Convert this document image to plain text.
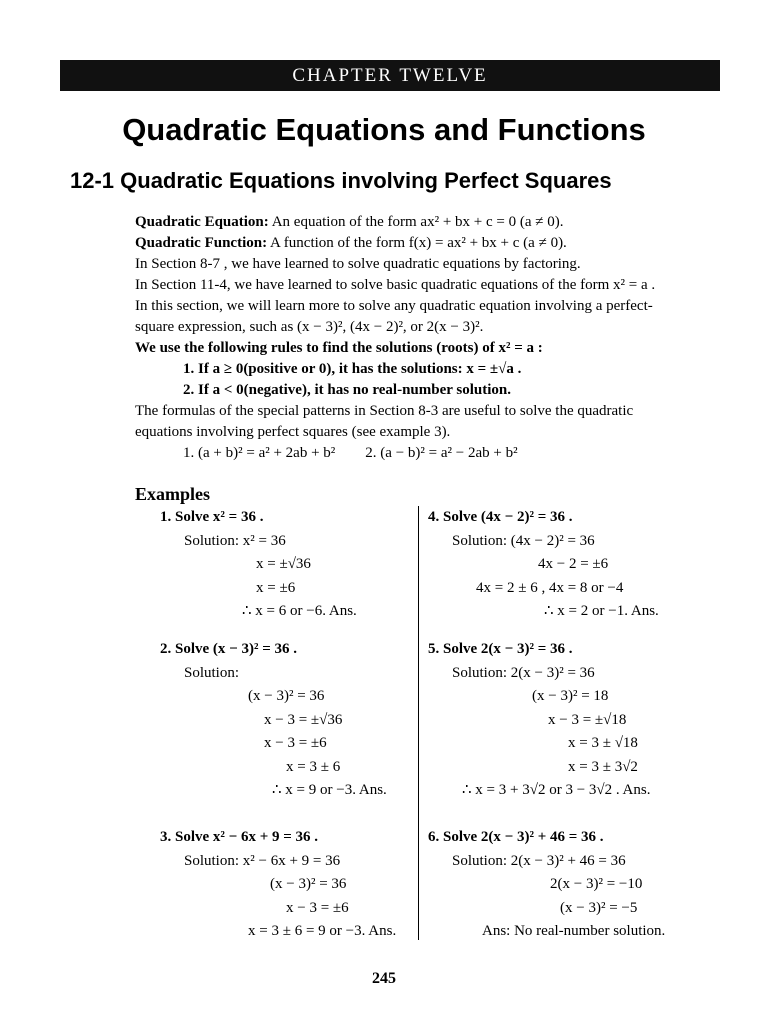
CHAPTER TWELVE
Quadratic Equations and Functions
12-1 Quadratic Equations involving Perfect Squares
Quadratic Equation: An equation of the form ax² + bx + c = 0 (a ≠ 0).
Quadratic Function: A function of the form f(x) = ax² + bx + c (a ≠ 0).
In Section 8-7 , we have learned to solve quadratic equations by factoring.
In Section 11-4, we have learned to solve basic quadratic equations of the form x² = a .
In this section, we will learn more to solve any quadratic equation involving a perfect-
square expression, such as (x − 3)², (4x − 2)², or 2(x − 3)².
We use the following rules to find the solutions (roots) of x² = a :
1. If a ≥ 0(positive or 0), it has the solutions: x = ±√a .
2. If a < 0(negative), it has no real-number solution.
The formulas of the special patterns in Section 8-3 are useful to solve the quadratic
equations involving perfect squares (see example 3).
1. (a + b)² = a² + 2ab + b² 2. (a − b)² = a² − 2ab + b²
Examples
1. Solve x² = 36 .
Solution: x² = 36
x = ±√36
x = ±6
∴ x = 6 or −6. Ans.
2. Solve (x − 3)² = 36 .
Solution:
(x − 3)² = 36
x − 3 = ±√36
x − 3 = ±6
x = 3 ± 6
∴ x = 9 or −3. Ans.
3. Solve x² − 6x + 9 = 36 .
Solution: x² − 6x + 9 = 36
(x − 3)² = 36
x − 3 = ±6
x = 3 ± 6 = 9 or −3. Ans.
4. Solve (4x − 2)² = 36 .
Solution: (4x − 2)² = 36
4x − 2 = ±6
4x = 2 ± 6 , 4x = 8 or −4
∴ x = 2 or −1. Ans.
5. Solve 2(x − 3)² = 36 .
Solution: 2(x − 3)² = 36
(x − 3)² = 18
x − 3 = ±√18
x = 3 ± √18
x = 3 ± 3√2
∴ x = 3 + 3√2 or 3 − 3√2 . Ans.
6. Solve 2(x − 3)² + 46 = 36 .
Solution: 2(x − 3)² + 46 = 36
2(x − 3)² = −10
(x − 3)² = −5
Ans: No real-number solution.
245
